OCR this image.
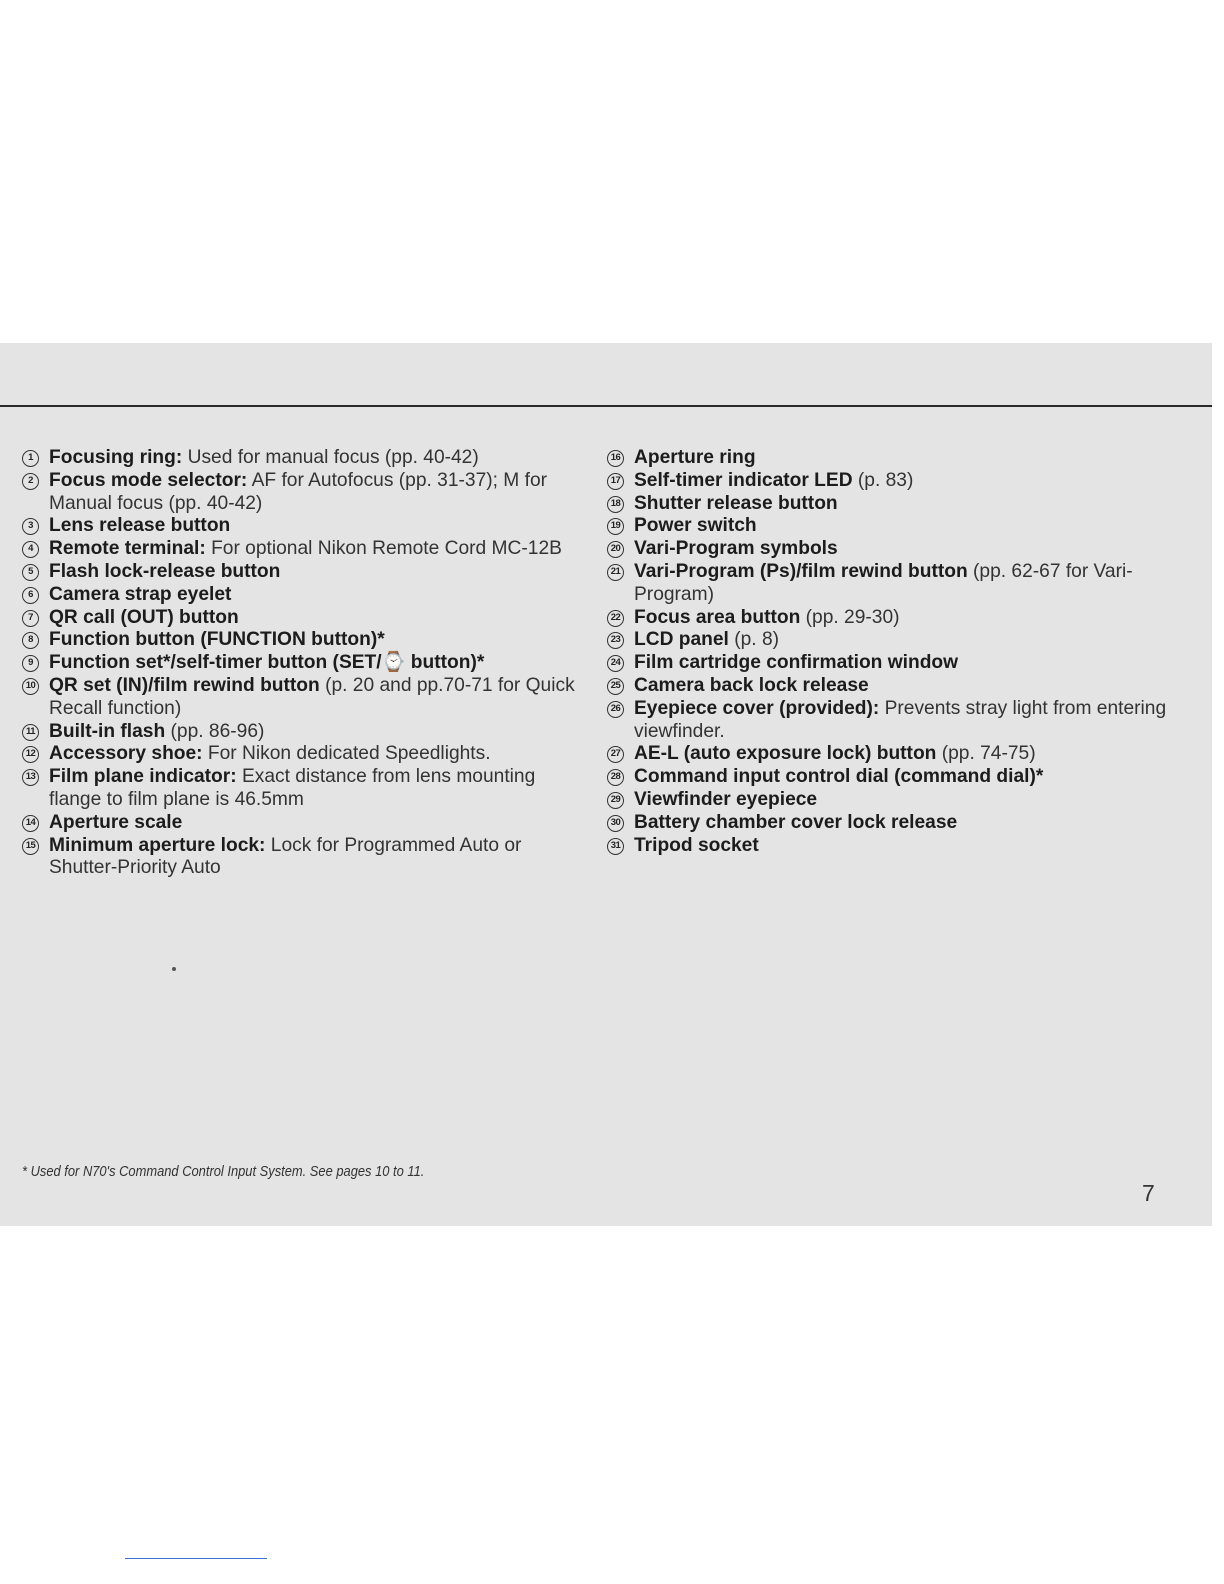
1 Focusing ring: Used for manual focus (pp. 40-42)
2 Focus mode selector: AF for Autofocus (pp. 31-37); M for Manual focus (pp. 40-42)
3 Lens release button
4 Remote terminal: For optional Nikon Remote Cord MC-12B
5 Flash lock-release button
6 Camera strap eyelet
7 QR call (OUT) button
8 Function button (FUNCTION button)*
9 Function set*/self-timer button (SET/⌚ button)*
10 QR set (IN)/film rewind button (p. 20 and pp.70-71 for Quick Recall function)
11 Built-in flash (pp. 86-96)
12 Accessory shoe: For Nikon dedicated Speedlights.
13 Film plane indicator: Exact distance from lens mounting flange to film plane is 46.5mm
14 Aperture scale
15 Minimum aperture lock: Lock for Programmed Auto or Shutter-Priority Auto
16 Aperture ring
17 Self-timer indicator LED (p. 83)
18 Shutter release button
19 Power switch
20 Vari-Program symbols
21 Vari-Program (Ps)/film rewind button (pp. 62-67 for Vari-Program)
22 Focus area button (pp. 29-30)
23 LCD panel (p. 8)
24 Film cartridge confirmation window
25 Camera back lock release
26 Eyepiece cover (provided): Prevents stray light from entering viewfinder.
27 AE-L (auto exposure lock) button (pp. 74-75)
28 Command input control dial (command dial)*
29 Viewfinder eyepiece
30 Battery chamber cover lock release
31 Tripod socket
* Used for N70's Command Control Input System. See pages 10 to 11.
7
